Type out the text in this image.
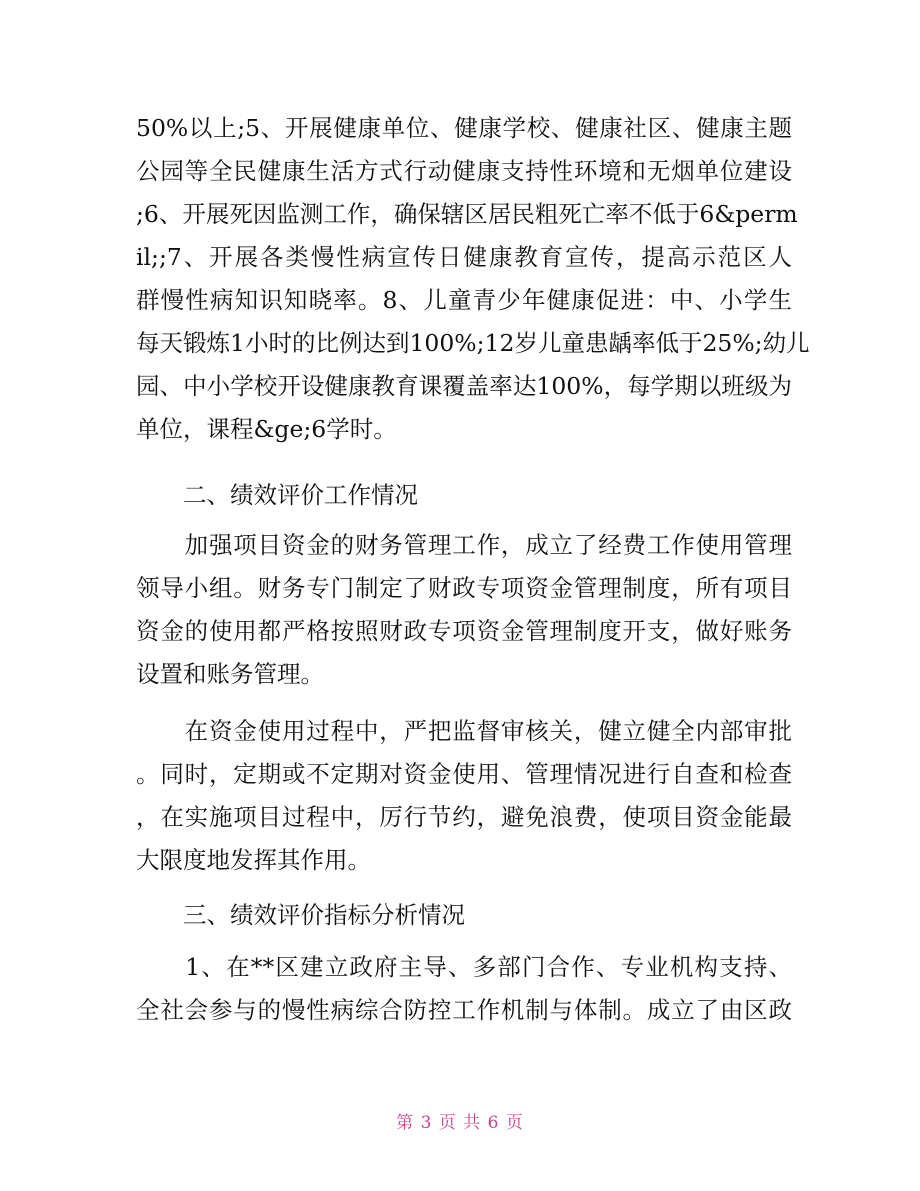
50%以上;5、开展健康单位、健康学校、健康社区、健康主题
公园等全民健康生活方式行动健康支持性环境和无烟单位建设
;6、开展死因监测工作，确保辖区居民粗死亡率不低于6&perm
il;;7、开展各类慢性病宣传日健康教育宣传，提高示范区人
群慢性病知识知晓率。8、儿童青少年健康促进：中、小学生
每天锻炼1小时的比例达到100%;12岁儿童患龋率低于25%;幼儿
园、中小学校开设健康教育课覆盖率达100%，每学期以班级为
单位，课程&ge;6学时。
　　二、绩效评价工作情况
　　加强项目资金的财务管理工作，成立了经费工作使用管理
领导小组。财务专门制定了财政专项资金管理制度，所有项目
资金的使用都严格按照财政专项资金管理制度开支，做好账务
设置和账务管理。
　　在资金使用过程中，严把监督审核关，健立健全内部审批
。同时，定期或不定期对资金使用、管理情况进行自查和检查
，在实施项目过程中，厉行节约，避免浪费，使项目资金能最
大限度地发挥其作用。
　　三、绩效评价指标分析情况
　　1、在**区建立政府主导、多部门合作、专业机构支持、
全社会参与的慢性病综合防控工作机制与体制。成立了由区政
第 3 页 共 6 页
